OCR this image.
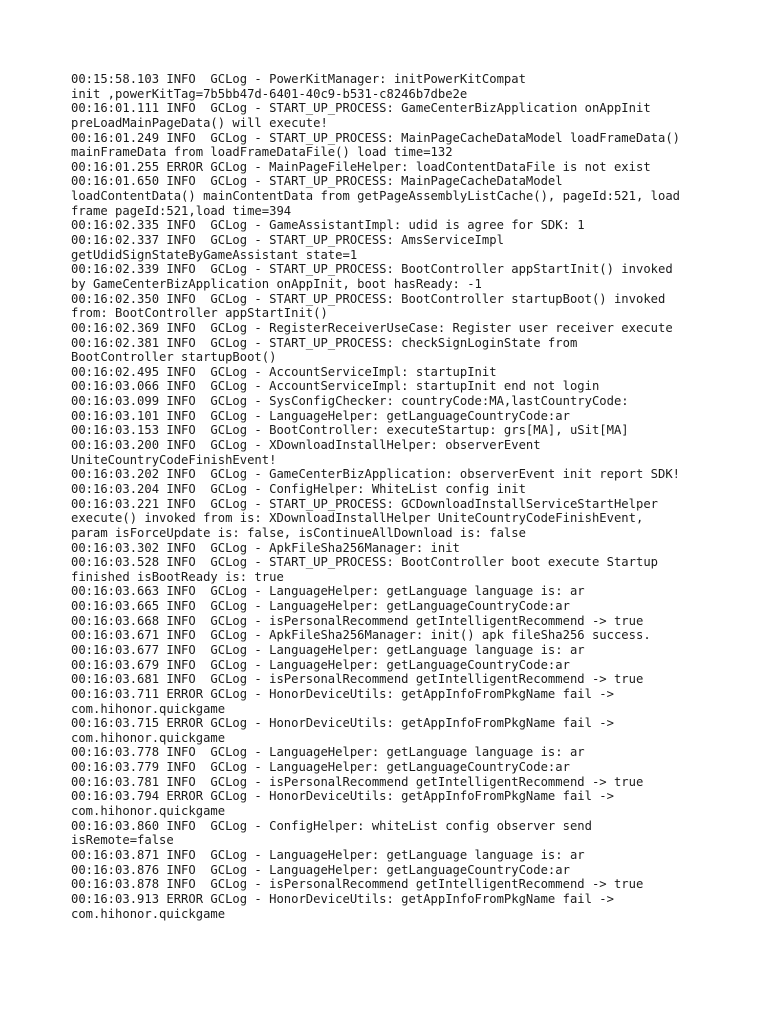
00:15:58.103 INFO  GCLog - PowerKitManager: initPowerKitCompat
init ,powerKitTag=7b5bb47d-6401-40c9-b531-c8246b7dbe2e
00:16:01.111 INFO  GCLog - START_UP_PROCESS: GameCenterBizApplication onAppInit
preLoadMainPageData() will execute!
00:16:01.249 INFO  GCLog - START_UP_PROCESS: MainPageCacheDataModel loadFrameData()
mainFrameData from loadFrameDataFile() load time=132
00:16:01.255 ERROR GCLog - MainPageFileHelper: loadContentDataFile is not exist
00:16:01.650 INFO  GCLog - START_UP_PROCESS: MainPageCacheDataModel
loadContentData() mainContentData from getPageAssemblyListCache(), pageId:521, load
frame pageId:521,load time=394
00:16:02.335 INFO  GCLog - GameAssistantImpl: udid is agree for SDK: 1
00:16:02.337 INFO  GCLog - START_UP_PROCESS: AmsServiceImpl
getUdidSignStateByGameAssistant state=1
00:16:02.339 INFO  GCLog - START_UP_PROCESS: BootController appStartInit() invoked
by GameCenterBizApplication onAppInit, boot hasReady: -1
00:16:02.350 INFO  GCLog - START_UP_PROCESS: BootController startupBoot() invoked
from: BootController appStartInit()
00:16:02.369 INFO  GCLog - RegisterReceiverUseCase: Register user receiver execute
00:16:02.381 INFO  GCLog - START_UP_PROCESS: checkSignLoginState from
BootController startupBoot()
00:16:02.495 INFO  GCLog - AccountServiceImpl: startupInit
00:16:03.066 INFO  GCLog - AccountServiceImpl: startupInit end not login
00:16:03.099 INFO  GCLog - SysConfigChecker: countryCode:MA,lastCountryCode:
00:16:03.101 INFO  GCLog - LanguageHelper: getLanguageCountryCode:ar
00:16:03.153 INFO  GCLog - BootController: executeStartup: grs[MA], uSit[MA]
00:16:03.200 INFO  GCLog - XDownloadInstallHelper: observerEvent
UniteCountryCodeFinishEvent!
00:16:03.202 INFO  GCLog - GameCenterBizApplication: observerEvent init report SDK!
00:16:03.204 INFO  GCLog - ConfigHelper: WhiteList config init
00:16:03.221 INFO  GCLog - START_UP_PROCESS: GCDownloadInstallServiceStartHelper
execute() invoked from is: XDownloadInstallHelper UniteCountryCodeFinishEvent,
param isForceUpdate is: false, isContinueAllDownload is: false
00:16:03.302 INFO  GCLog - ApkFileSha256Manager: init
00:16:03.528 INFO  GCLog - START_UP_PROCESS: BootController boot execute Startup
finished isBootReady is: true
00:16:03.663 INFO  GCLog - LanguageHelper: getLanguage language is: ar
00:16:03.665 INFO  GCLog - LanguageHelper: getLanguageCountryCode:ar
00:16:03.668 INFO  GCLog - isPersonalRecommend getIntelligentRecommend -> true
00:16:03.671 INFO  GCLog - ApkFileSha256Manager: init() apk fileSha256 success.
00:16:03.677 INFO  GCLog - LanguageHelper: getLanguage language is: ar
00:16:03.679 INFO  GCLog - LanguageHelper: getLanguageCountryCode:ar
00:16:03.681 INFO  GCLog - isPersonalRecommend getIntelligentRecommend -> true
00:16:03.711 ERROR GCLog - HonorDeviceUtils: getAppInfoFromPkgName fail ->
com.hihonor.quickgame
00:16:03.715 ERROR GCLog - HonorDeviceUtils: getAppInfoFromPkgName fail ->
com.hihonor.quickgame
00:16:03.778 INFO  GCLog - LanguageHelper: getLanguage language is: ar
00:16:03.779 INFO  GCLog - LanguageHelper: getLanguageCountryCode:ar
00:16:03.781 INFO  GCLog - isPersonalRecommend getIntelligentRecommend -> true
00:16:03.794 ERROR GCLog - HonorDeviceUtils: getAppInfoFromPkgName fail ->
com.hihonor.quickgame
00:16:03.860 INFO  GCLog - ConfigHelper: whiteList config observer send
isRemote=false
00:16:03.871 INFO  GCLog - LanguageHelper: getLanguage language is: ar
00:16:03.876 INFO  GCLog - LanguageHelper: getLanguageCountryCode:ar
00:16:03.878 INFO  GCLog - isPersonalRecommend getIntelligentRecommend -> true
00:16:03.913 ERROR GCLog - HonorDeviceUtils: getAppInfoFromPkgName fail ->
com.hihonor.quickgame
